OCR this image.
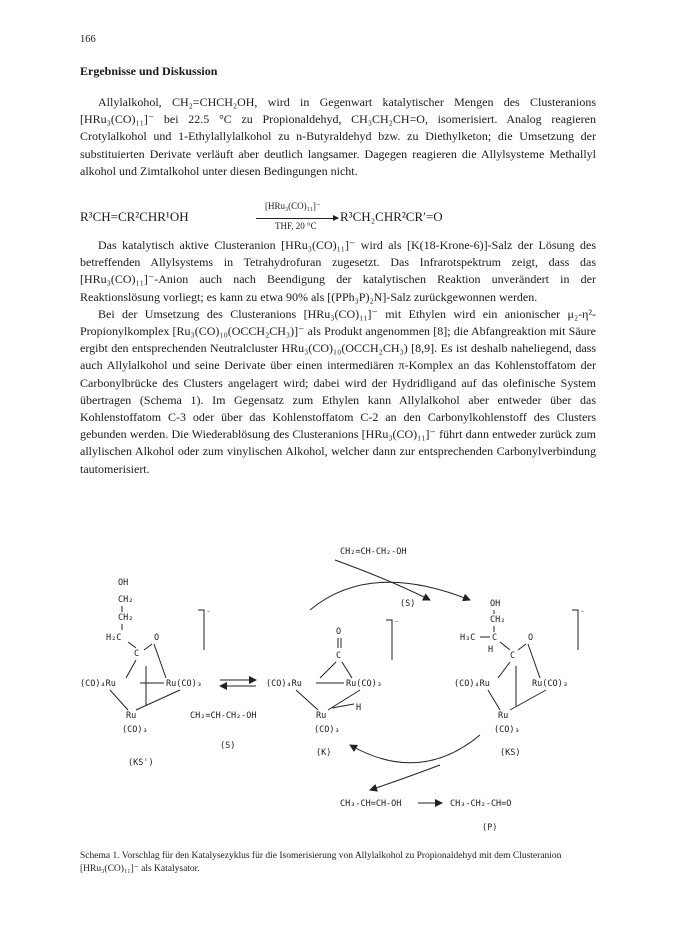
166
Ergebnisse und Diskussion

Allylalkohol, CH₂=CHCH₂OH, wird in Gegenwart katalytischer Mengen des Clusteranions [HRu₃(CO)₁₁]⁻ bei 22.5 °C zu Propionaldehyd, CH₃CH₂CH=O, isomerisiert. Analog reagieren Crotylalkohol und 1-Ethylallylalkohol zu n-Butyraldehyd bzw. zu Diethylketon; die Umsetzung der substituierten Derivate verläuft aber deutlich langsamer. Dagegen reagieren die Allylsysteme Methallyl alkohol und Zimtalkohol unter diesen Bedingungen nicht.

R³CH=CR²CHR¹OH
[HRu₃(CO)₁₁]⁻
THF, 20 °C
R³CH₂CHR²CR′=O

Das katalytisch aktive Clusteranion [HRu₃(CO)₁₁]⁻ wird als [K(18-Krone-6)]-Salz der Lösung des betreffenden Allylsystems in Tetrahydrofuran zugesetzt. Das Infrarotspektrum zeigt, dass das [HRu₃(CO)₁₁]⁻-Anion auch nach Beendigung der katalytischen Reaktion unverändert in der Reaktionslösung vorliegt; es kann zu etwa 90% als [(PPh₃P)₂N]-Salz zurückgewonnen werden.

Bei der Umsetzung des Clusteranions [HRu₃(CO)₁₁]⁻ mit Ethylen wird ein anionischer μ₂-η²-Propionylkomplex [Ru₃(CO)₁₀(OCCH₂CH₃)]⁻ als Produkt angenommen [8]; die Abfangreaktion mit Säure ergibt den entsprechenden Neutralcluster HRu₃(CO)₁₀(OCCH₂CH₃) [8,9]. Es ist deshalb naheliegend, dass auch Allylalkohol und seine Derivate über einen intermediären π-Komplex an das Kohlenstoffatom der Carbonylbrücke des Clusters angelagert wird; dabei wird der Hydridligand auf das olefinische System übertragen (Schema 1). Im Gegensatz zum Ethylen kann Allylalkohol aber entweder über das Kohlenstoffatom C-3 oder über das Kohlenstoffatom C-2 an den Carbonylkohlenstoff des Clusters gebunden werden. Die Wiederablösung des Clusteranions [HRu₃(CO)₁₁]⁻ führt dann entweder zurück zum allylischen Alkohol oder zum vinylischen Alkohol, welcher dann zur entsprechenden Carbonylverbindung tautomerisiert.

CH₂=CH-CH₂-OH
(S)
OH
CH₂
CH₂
H₂C
C
O
(CO)₄Ru	Ru(CO)₃
Ru
(CO)₃
⁻
(KS')
CH₂=CH-CH₂-OH
(S)
O
C
(CO)₄Ru	Ru(CO)₃
Ru
(CO)₃
H
⁻
(K)
OH
CH₂
H₃C C
H
C
O
(CO)₄Ru	Ru(CO)₃
Ru
(CO)₃
⁻
(KS)
CH₃-CH=CH-OH	CH₃-CH₂-CH=O
(P)
Schema 1. Vorschlag für den Katalysezyklus für die Isomerisierung von Allylalkohol zu Propionaldehyd mit dem Clusteranion [HRu₃(CO)₁₁]⁻ als Katalysator.
